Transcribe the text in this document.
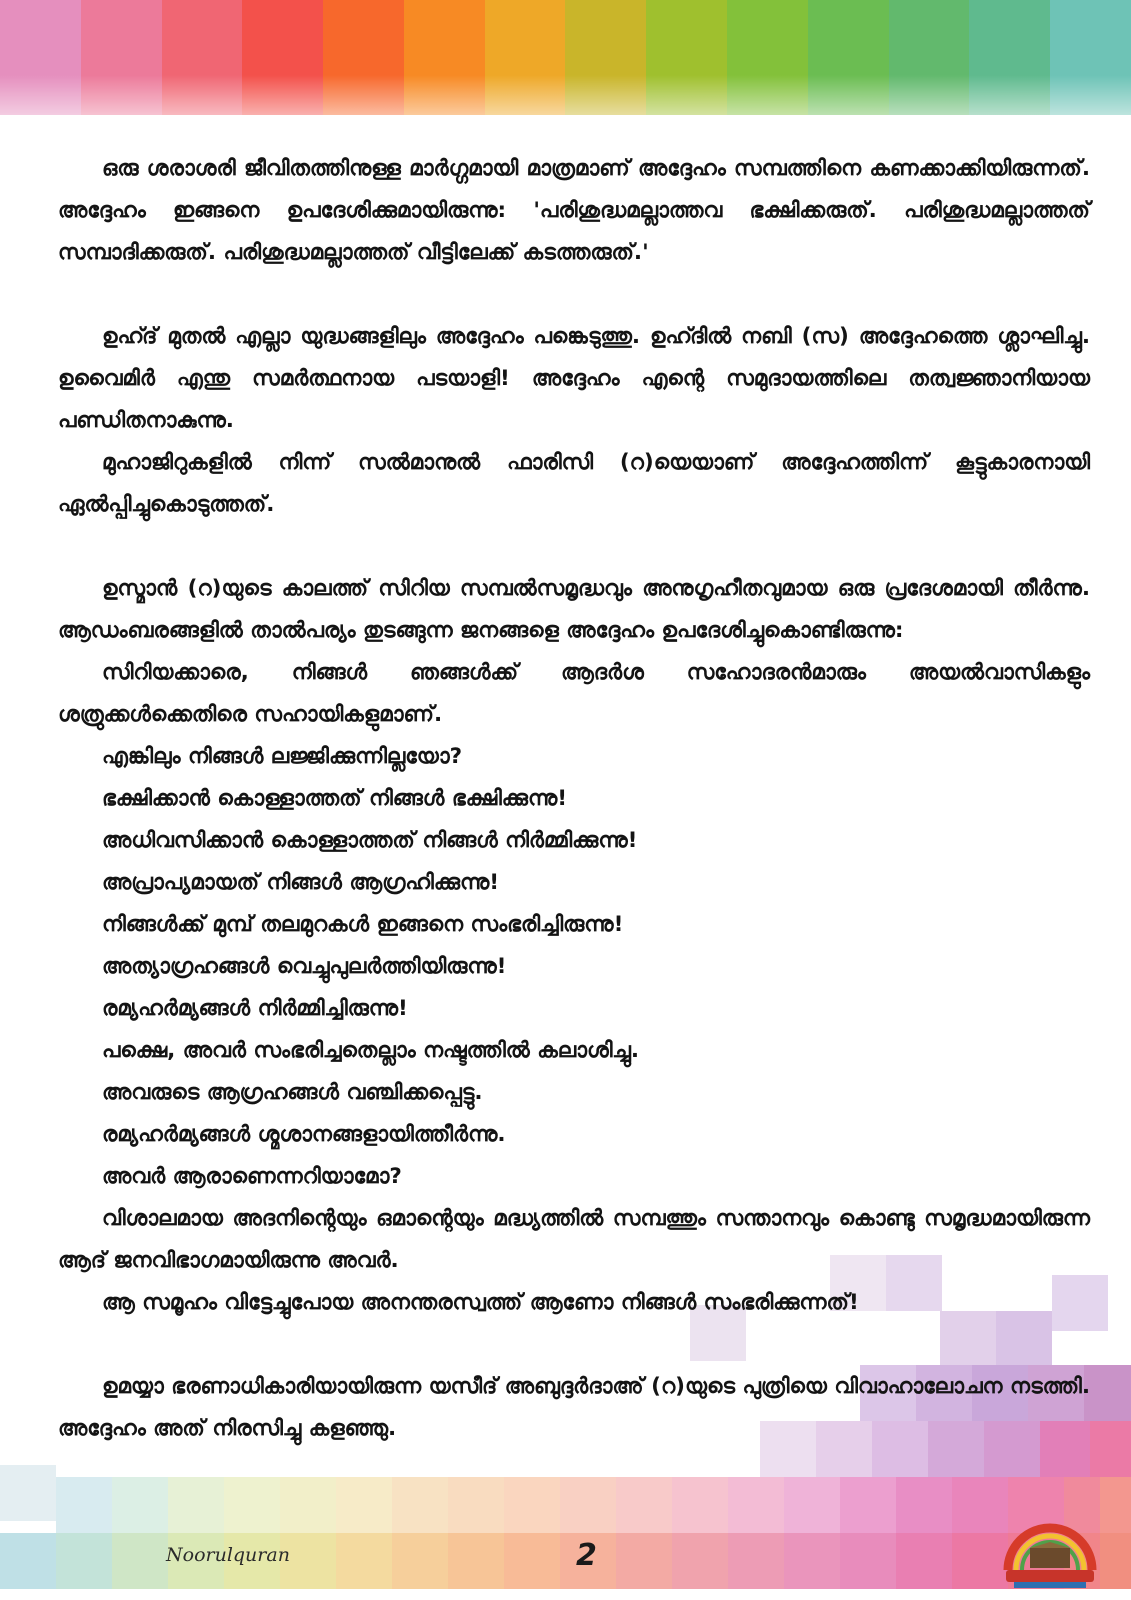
ഒരു ശരാശരി ജീവിതത്തിനുള്ള മാർഗ്ഗമായി മാത്രമാണ് അദ്ദേഹം സമ്പത്തിനെ കണക്കാക്കിയിരുന്നത്. അദ്ദേഹം ഇങ്ങനെ ഉപദേശിക്കുമായിരുന്നു: 'പരിശുദ്ധമല്ലാത്തവ ഭക്ഷിക്കരുത്. പരിശുദ്ധമല്ലാത്തത് സമ്പാദിക്കരുത്. പരിശുദ്ധമല്ലാത്തത് വീട്ടിലേക്ക് കടത്തരുത്.'

ഉഹ്ദ് മുതൽ എല്ലാ യുദ്ധങ്ങളിലും അദ്ദേഹം പങ്കെടുത്തു. ഉഹ്ദിൽ നബി (സ) അദ്ദേഹത്തെ ശ്ലാഘിച്ചു. ഉവൈമിർ എന്തു സമർത്ഥനായ പടയാളി! അദ്ദേഹം എന്റെ സമുദായത്തിലെ തത്വജ്ഞാനിയായ പണ്ഡിതനാകുന്നു.

മുഹാജിറുകളിൽ നിന്ന് സൽമാനുൽ ഫാരിസി (റ)യെയാണ് അദ്ദേഹത്തിന്ന് കൂട്ടുകാരനായി ഏൽപ്പിച്ചുകൊടുത്തത്.

ഉസ്മാൻ (റ)യുടെ കാലത്ത് സിറിയ സമ്പൽസമൃദ്ധവും അനുഗൃഹീതവുമായ ഒരു പ്രദേശമായി തീർന്നു. ആഡംബരങ്ങളിൽ താൽപര്യം തുടങ്ങുന്ന ജനങ്ങളെ അദ്ദേഹം ഉപദേശിച്ചുകൊണ്ടിരുന്നു:

സിറിയക്കാരെ, നിങ്ങൾ ഞങ്ങൾക്ക് ആദർശ സഹോദരൻമാരും അയൽവാസികളും ശത്രുക്കൾക്കെതിരെ സഹായികളുമാണ്.

എങ്കിലും നിങ്ങൾ ലജ്ജിക്കുന്നില്ലയോ?

ഭക്ഷിക്കാൻ കൊള്ളാത്തത് നിങ്ങൾ ഭക്ഷിക്കുന്നു!

അധിവസിക്കാൻ കൊള്ളാത്തത് നിങ്ങൾ നിർമ്മിക്കുന്നു!

അപ്രാപ്യമായത് നിങ്ങൾ ആഗ്രഹിക്കുന്നു!

നിങ്ങൾക്ക് മുമ്പ് തലമുറകൾ ഇങ്ങനെ സംഭരിച്ചിരുന്നു!

അത്യാഗ്രഹങ്ങൾ വെച്ചുപുലർത്തിയിരുന്നു!

രമ്യഹർമ്യങ്ങൾ നിർമ്മിച്ചിരുന്നു!

പക്ഷെ, അവർ സംഭരിച്ചതെല്ലാം നഷ്ടത്തിൽ കലാശിച്ചു.

അവരുടെ ആഗ്രഹങ്ങൾ വഞ്ചിക്കപ്പെട്ടു.

രമ്യഹർമ്യങ്ങൾ ശ്മശാനങ്ങളായിത്തീർന്നു.

അവർ ആരാണെന്നറിയാമോ?

വിശാലമായ അദനിന്റെയും ഒമാന്റെയും മദ്ധ്യത്തിൽ സമ്പത്തും സന്താനവും കൊണ്ടു സമൃദ്ധമായിരുന്ന ആദ് ജനവിഭാഗമായിരുന്നു അവർ.

ആ സമൂഹം വിട്ടേച്ചുപോയ അനന്തരസ്വത്ത് ആണോ നിങ്ങൾ സംഭരിക്കുന്നത്!

ഉമയ്യാ ഭരണാധികാരിയായിരുന്ന യസീദ് അബുദ്ദർദാഅ് (റ)യുടെ പുത്രിയെ വിവാഹാലോചന നടത്തി. അദ്ദേഹം അത് നിരസിച്ചു കളഞ്ഞു.

Noorulquran	2
